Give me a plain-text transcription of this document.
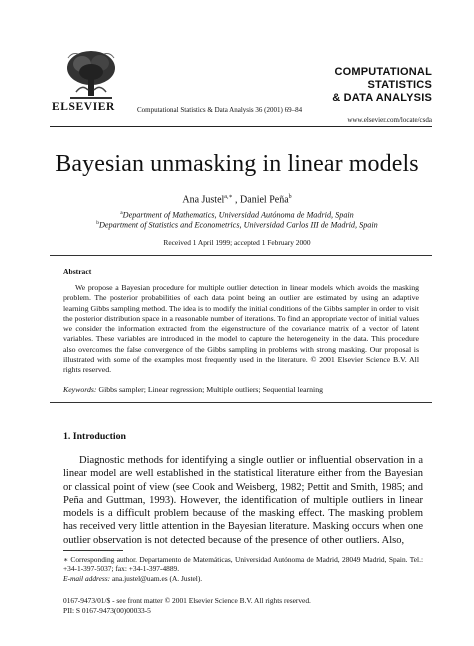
ELSEVIER	Computational Statistics & Data Analysis 36 (2001) 69–84
COMPUTATIONAL
STATISTICS
& DATA ANALYSIS
www.elsevier.com/locate/csda
Bayesian unmasking in linear models
Ana Justel$^{a,∗}$ , Daniel Peña$^b$
$^a$Department of Mathematics, Universidad Autónoma de Madrid, Spain
$^b$Department of Statistics and Econometrics, Universidad Carlos III de Madrid, Spain
Received 1 April 1999; accepted 1 February 2000
Abstract
We propose a Bayesian procedure for multiple outlier detection in linear models which avoids the masking problem. The posterior probabilities of each data point being an outlier are estimated by using an adaptive learning Gibbs sampling method. The idea is to modify the initial conditions of the Gibbs sampler in order to visit the posterior distribution space in a reasonable number of iterations. To find an appropriate vector of initial values we consider the information extracted from the eigenstructure of the covariance matrix of a vector of latent variables. These variables are introduced in the model to capture the heterogeneity in the data. This procedure also overcomes the false convergence of the Gibbs sampling in problems with strong masking. Our proposal is illustrated with some of the examples most frequently used in the literature. © 2001 Elsevier Science B.V. All rights reserved.
Keywords: Gibbs sampler; Linear regression; Multiple outliers; Sequential learning
1. Introduction
Diagnostic methods for identifying a single outlier or influential observation in a linear model are well established in the statistical literature either from the Bayesian or classical point of view (see Cook and Weisberg, 1982; Pettit and Smith, 1985; and Peña and Guttman, 1993). However, the identification of multiple outliers in linear models is a difficult problem because of the masking effect. The masking problem has received very little attention in the Bayesian literature. Masking occurs when one outlier observation is not detected because of the presence of other outliers. Also,
∗ Corresponding author. Departamento de Matemáticas, Universidad Autónoma de Madrid, 28049 Madrid, Spain. Tel.: +34-1-397-5037; fax: +34-1-397-4889.
E-mail address: ana.justel@uam.es (A. Justel).
0167-9473/01/$ - see front matter © 2001 Elsevier Science B.V. All rights reserved.
PII: S 0167-9473(00)00033-5
